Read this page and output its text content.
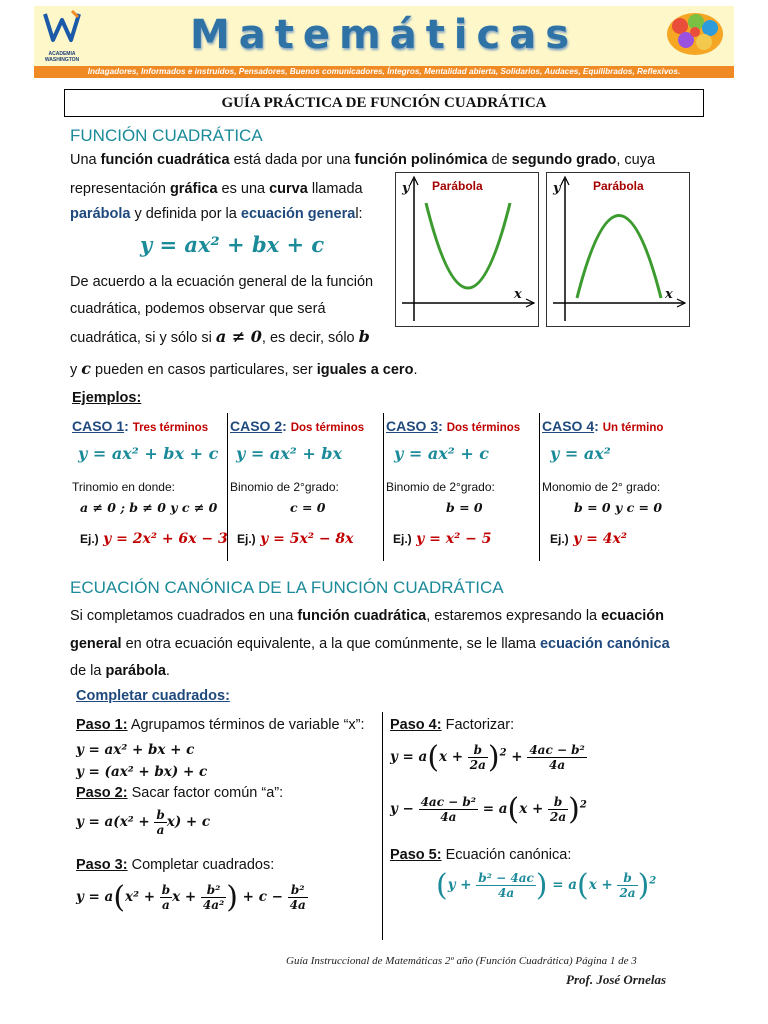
ACADEMIA
WASHINGTON
Matemáticas
Indagadores, Informados e instruidos, Pensadores, Buenos comunicadores, Íntegros, Mentalidad abierta, Solidarios, Audaces, Equilibrados, Reflexivos.
GUÍA PRÁCTICA DE FUNCIÓN CUADRÁTICA
FUNCIÓN CUADRÁTICA
Una función cuadrática está dada por una función polinómica de segundo grado, cuya
representación gráfica es una curva llamada
parábola y definida por la ecuación general:
y = ax² + bx + c
De acuerdo a la ecuación general de la función
cuadrática, podemos observar que será
cuadrática, si y sólo si a ≠ 0, es decir, sólo b
y c pueden en casos particulares, ser iguales a cero.
Parábola
y
x
Parábola
y
x
Ejemplos:
CASO 1: Tres términos
y = ax² + bx + c
Trinomio en donde:
a ≠ 0 ; b ≠ 0 y c ≠ 0
Ej.) y = 2x² + 6x − 3
CASO 2: Dos términos
y = ax² + bx
Binomio de 2°grado:
c = 0
Ej.) y = 5x² − 8x
CASO 3: Dos términos
y = ax² + c
Binomio de 2°grado:
b = 0
Ej.) y = x² − 5
CASO 4: Un término
y = ax²
Monomio de 2° grado:
b = 0 y c = 0
Ej.) y = 4x²
ECUACIÓN CANÓNICA DE LA FUNCIÓN CUADRÁTICA
Si completamos cuadrados en una función cuadrática, estaremos expresando la ecuación
general en otra ecuación equivalente, a la que comúnmente, se le llama ecuación canónica
de la parábola.
Completar cuadrados:
Paso 1: Agrupamos términos de variable “x”:
y = ax² + bx + c
y = (ax² + bx) + c
Paso 2: Sacar factor común “a”:
$y = a(x^2 + \frac{b}{a} x) + c$
Paso 3: Completar cuadrados:
$y = a(x^2 + \frac{b}{a}$ $x + \frac{\text{b²}}{\text{4a²}}$ ) + $c - \frac{\text{b²}}{4a}$
Paso 4: Factorizar:
$y = a(x + \frac{b}{2a} )^2 + \frac{\text{4ac − b²}}{4a}$
$y - \frac{\text{4ac − b²}}{4a} = a(x + \frac{b}{2a} )^2$
Paso 5: Ecuación canónica:
($y + \frac{\text{b² − 4ac}}{4a}$ ) = $a(x + \frac{b}{2a} )^2$
Guía Instruccional de Matemáticas 2º año (Función Cuadrática) Página 1 de 3
Prof. José Ornelas
